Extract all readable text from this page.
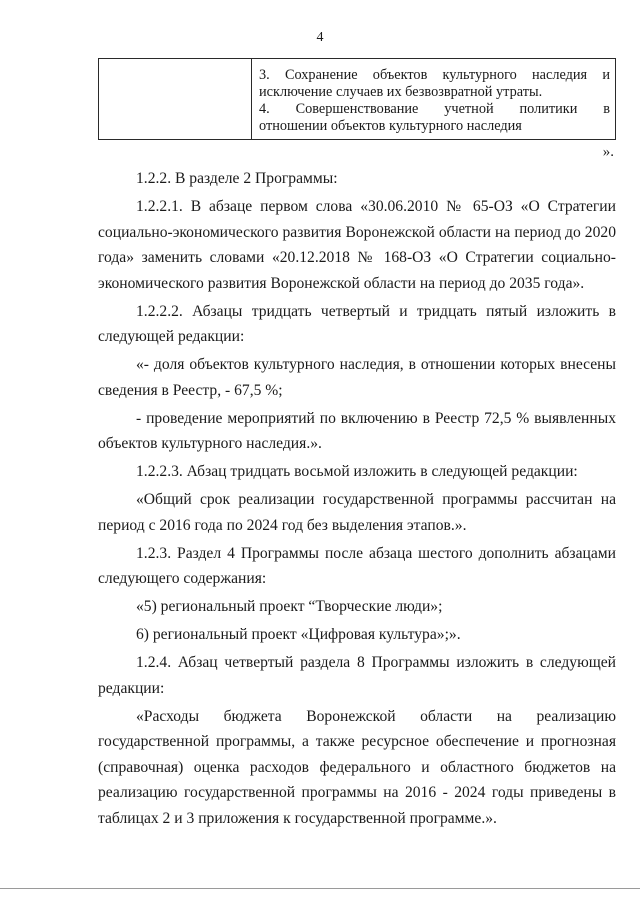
4
3. Сохранение объектов культурного наследия и
исключение случаев их безвозвратной утраты.
4. Совершенствование учетной политики в
отношении объектов культурного наследия
».

1.2.2. В разделе 2 Программы:

1.2.2.1. В абзаце первом слова «30.06.2010 № 65-ОЗ «О Стратегии социально-экономического развития Воронежской области на период до 2020 года» заменить словами «20.12.2018 № 168-ОЗ «О Стратегии социально-экономического развития Воронежской области на период до 2035 года».

1.2.2.2. Абзацы тридцать четвертый и тридцать пятый изложить в следующей редакции:

«- доля объектов культурного наследия, в отношении которых внесены сведения в Реестр, - 67,5 %;

- проведение мероприятий по включению в Реестр 72,5 % выявленных объектов культурного наследия.».

1.2.2.3. Абзац тридцать восьмой изложить в следующей редакции:

«Общий срок реализации государственной программы рассчитан на период с 2016 года по 2024 год без выделения этапов.».

1.2.3. Раздел 4 Программы после абзаца шестого дополнить абзацами следующего содержания:

«5) региональный проект “Творческие люди»;

6) региональный проект «Цифровая культура»;».

1.2.4. Абзац четвертый раздела 8 Программы изложить в следующей редакции:

«Расходы бюджета Воронежской области на реализацию государственной программы, а также ресурсное обеспечение и прогнозная (справочная) оценка расходов федерального и областного бюджетов на реализацию государственной программы на 2016 - 2024 годы приведены в таблицах 2 и 3 приложения к государственной программе.».
